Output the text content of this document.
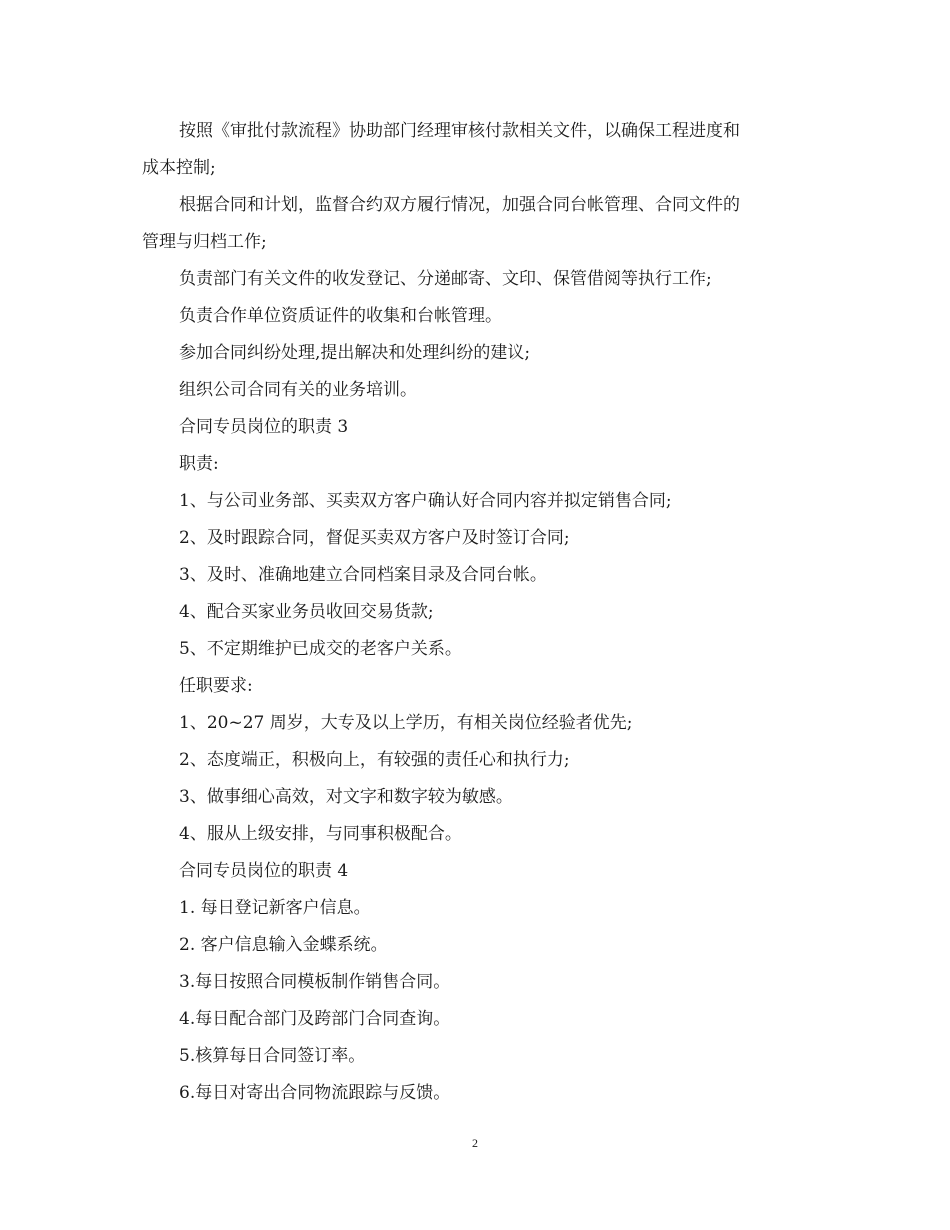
按照《审批付款流程》协助部门经理审核付款相关文件，以确保工程进度和
成本控制;
根据合同和计划，监督合约双方履行情况，加强合同台帐管理、合同文件的
管理与归档工作;
负责部门有关文件的收发登记、分递邮寄、文印、保管借阅等执行工作;
负责合作单位资质证件的收集和台帐管理。
参加合同纠纷处理,提出解决和处理纠纷的建议;
组织公司合同有关的业务培训。
合同专员岗位的职责 3
职责:
1、与公司业务部、买卖双方客户确认好合同内容并拟定销售合同;
2、及时跟踪合同，督促买卖双方客户及时签订合同;
3、及时、准确地建立合同档案目录及合同台帐。
4、配合买家业务员收回交易货款;
5、不定期维护已成交的老客户关系。
任职要求:
1、20~27 周岁，大专及以上学历，有相关岗位经验者优先;
2、态度端正，积极向上，有较强的责任心和执行力;
3、做事细心高效，对文字和数字较为敏感。
4、服从上级安排，与同事积极配合。
合同专员岗位的职责 4
1. 每日登记新客户信息。
2. 客户信息输入金蝶系统。
3.每日按照合同模板制作销售合同。
4.每日配合部门及跨部门合同查询。
5.核算每日合同签订率。
6.每日对寄出合同物流跟踪与反馈。
2
